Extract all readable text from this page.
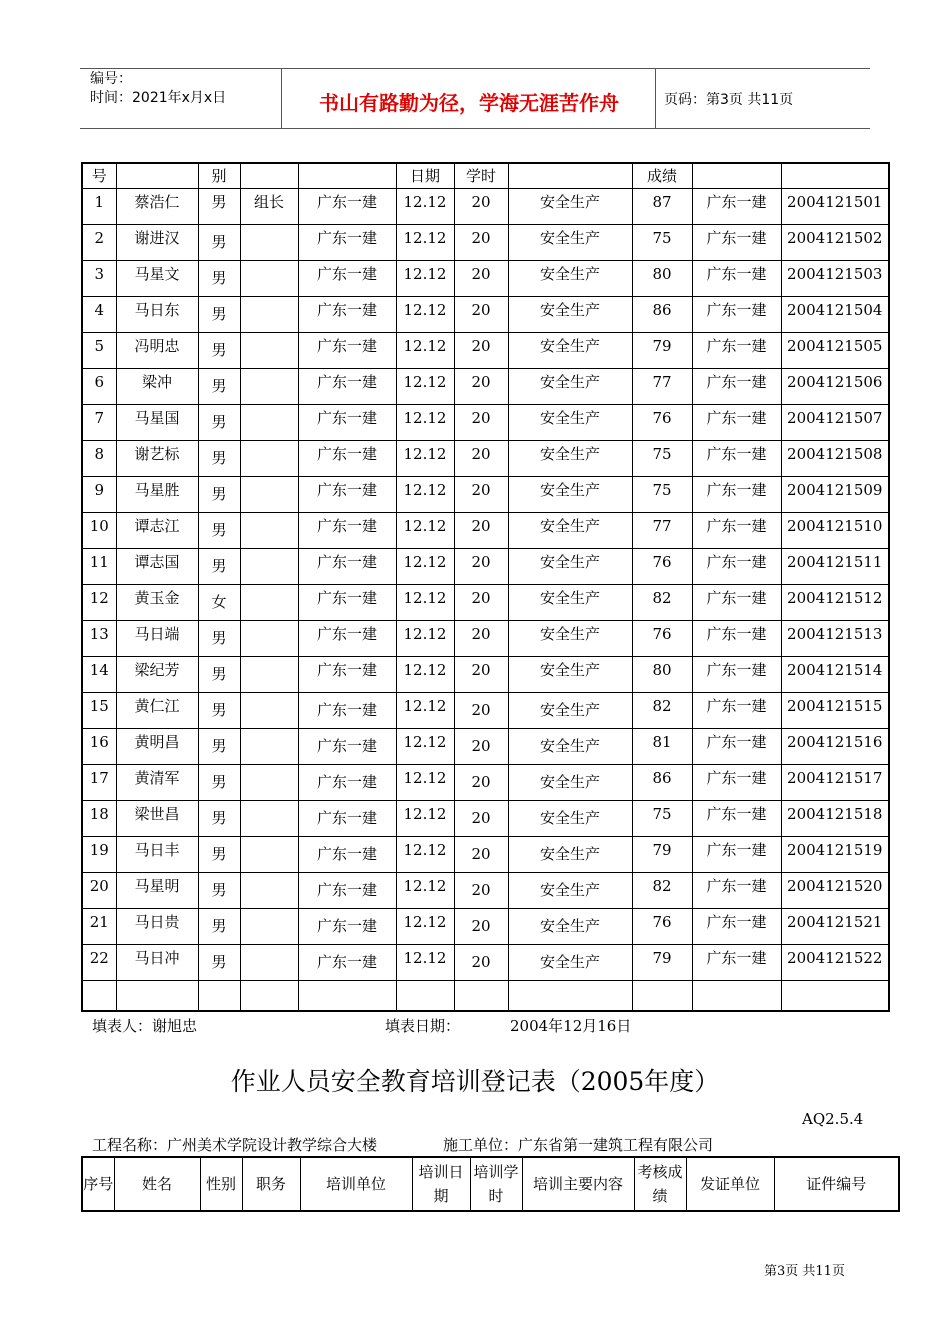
编号：
时间：2021年x月x日	书山有路勤为径，学海无涯苦作舟	页码：第3页 共11页
号		别			日期	学时		成绩		
1	蔡浩仁	男	组长	广东一建	12.12	20	安全生产	87	广东一建	2004121501
2	谢进汉	男		广东一建	12.12	20	安全生产	75	广东一建	2004121502
3	马星文	男		广东一建	12.12	20	安全生产	80	广东一建	2004121503
4	马日东	男		广东一建	12.12	20	安全生产	86	广东一建	2004121504
5	冯明忠	男		广东一建	12.12	20	安全生产	79	广东一建	2004121505
6	梁冲	男		广东一建	12.12	20	安全生产	77	广东一建	2004121506
7	马星国	男		广东一建	12.12	20	安全生产	76	广东一建	2004121507
8	谢艺标	男		广东一建	12.12	20	安全生产	75	广东一建	2004121508
9	马星胜	男		广东一建	12.12	20	安全生产	75	广东一建	2004121509
10	谭志江	男		广东一建	12.12	20	安全生产	77	广东一建	2004121510
11	谭志国	男		广东一建	12.12	20	安全生产	76	广东一建	2004121511
12	黄玉金	女		广东一建	12.12	20	安全生产	82	广东一建	2004121512
13	马日端	男		广东一建	12.12	20	安全生产	76	广东一建	2004121513
14	梁纪芳	男		广东一建	12.12	20	安全生产	80	广东一建	2004121514
15	黄仁江	男		广东一建	12.12	20	安全生产	82	广东一建	2004121515
16	黄明昌	男		广东一建	12.12	20	安全生产	81	广东一建	2004121516
17	黄清军	男		广东一建	12.12	20	安全生产	86	广东一建	2004121517
18	梁世昌	男		广东一建	12.12	20	安全生产	75	广东一建	2004121518
19	马日丰	男		广东一建	12.12	20	安全生产	79	广东一建	2004121519
20	马星明	男		广东一建	12.12	20	安全生产	82	广东一建	2004121520
21	马日贵	男		广东一建	12.12	20	安全生产	76	广东一建	2004121521
22	马日冲	男		广东一建	12.12	20	安全生产	79	广东一建	2004121522

填表人：谢旭忠	填表日期：	2004年12月16日
作业人员安全教育培训登记表（2005年度）
AQ2.5.4
工程名称：广州美术学院设计教学综合大楼	施工单位：广东省第一建筑工程有限公司
序号	姓名	性别	职务	培训单位	培训日期	培训学时	培训主要内容	考核成绩	发证单位	证件编号
第3页 共11页
